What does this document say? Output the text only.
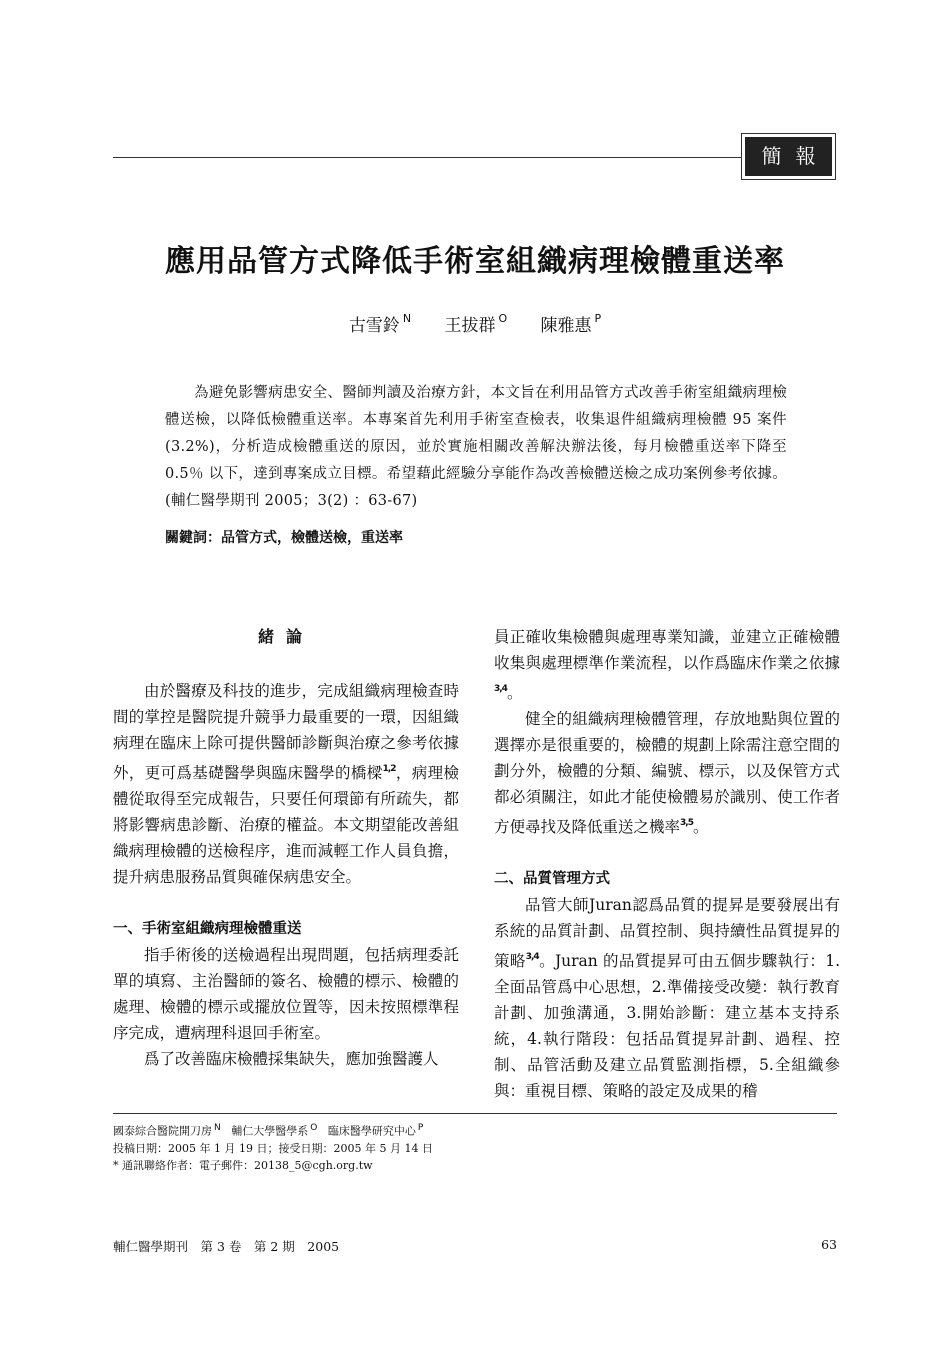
簡報
應用品管方式降低手術室組織病理檢體重送率
古雪鈴 $^N$ 王拔群 $^O$ 陳雅惠 $^P$
為避免影響病患安全、醫師判讀及治療方針，本文旨在利用品管方式改善手術室組織病理檢體送檢，以降低檢體重送率。本專案首先利用手術室查檢表，收集退件組織病理檢體 95 案件(3.2%)，分析造成檢體重送的原因，並於實施相關改善解決辦法後，每月檢體重送率下降至 0.5％ 以下，達到專案成立目標。希望藉此經驗分享能作為改善檢體送檢之成功案例參考依據。(輔仁醫學期刊 2005；3(2) ：63-67)
關鍵詞：品管方式，檢體送檢，重送率

緒論

由於醫療及科技的進步，完成組織病理檢查時間的掌控是醫院提升競爭力最重要的一環，因組織病理在臨床上除可提供醫師診斷與治療之參考依據外，更可爲基礎醫學與臨床醫學的橋樑$^{1,2}$，病理檢體從取得至完成報告，只要任何環節有所疏失，都將影響病患診斷、治療的權益。本文期望能改善組織病理檢體的送檢程序，進而減輕工作人員負擔，提升病患服務品質與確保病患安全。

一、手術室組織病理檢體重送

指手術後的送檢過程出現問題，包括病理委託單的填寫、主治醫師的簽名、檢體的標示、檢體的處理、檢體的標示或擺放位置等，因未按照標準程序完成，遭病理科退回手術室。

爲了改善臨床檢體採集缺失，應加強醫護人

員正確收集檢體與處理專業知識，並建立正確檢體收集與處理標準作業流程，以作爲臨床作業之依據$^{3,4}$。

健全的組織病理檢體管理，存放地點與位置的選擇亦是很重要的，檢體的規劃上除需注意空間的劃分外，檢體的分類、編號、標示，以及保管方式都必須關注，如此才能使檢體易於識別、使工作者方便尋找及降低重送之機率$^{3,5}$。

二、品質管理方式

品管大師Juran認爲品質的提昇是要發展出有系統的品質計劃、品質控制、與持續性品質提昇的策略$^{3,4}$。Juran 的品質提昇可由五個步驟執行：1.全面品管爲中心思想，2.準備接受改變：執行教育計劃、加強溝通，3.開始診斷：建立基本支持系統，4.執行階段：包括品質提昇計劃、過程、控制、品管活動及建立品質監測指標，5.全組織參與：重視目標、策略的設定及成果的稽

國泰綜合醫院開刀房 $^N$ 輔仁大學醫學系 $^O$ 臨床醫學研究中心 $^P$
投稿日期：2005 年 1 月 19 日；接受日期：2005 年 5 月 14 日
* 通訊聯絡作者：電子郵件：20138_5@cgh.org.tw
輔仁醫學期刊　第 3 卷　第 2 期　2005	63
